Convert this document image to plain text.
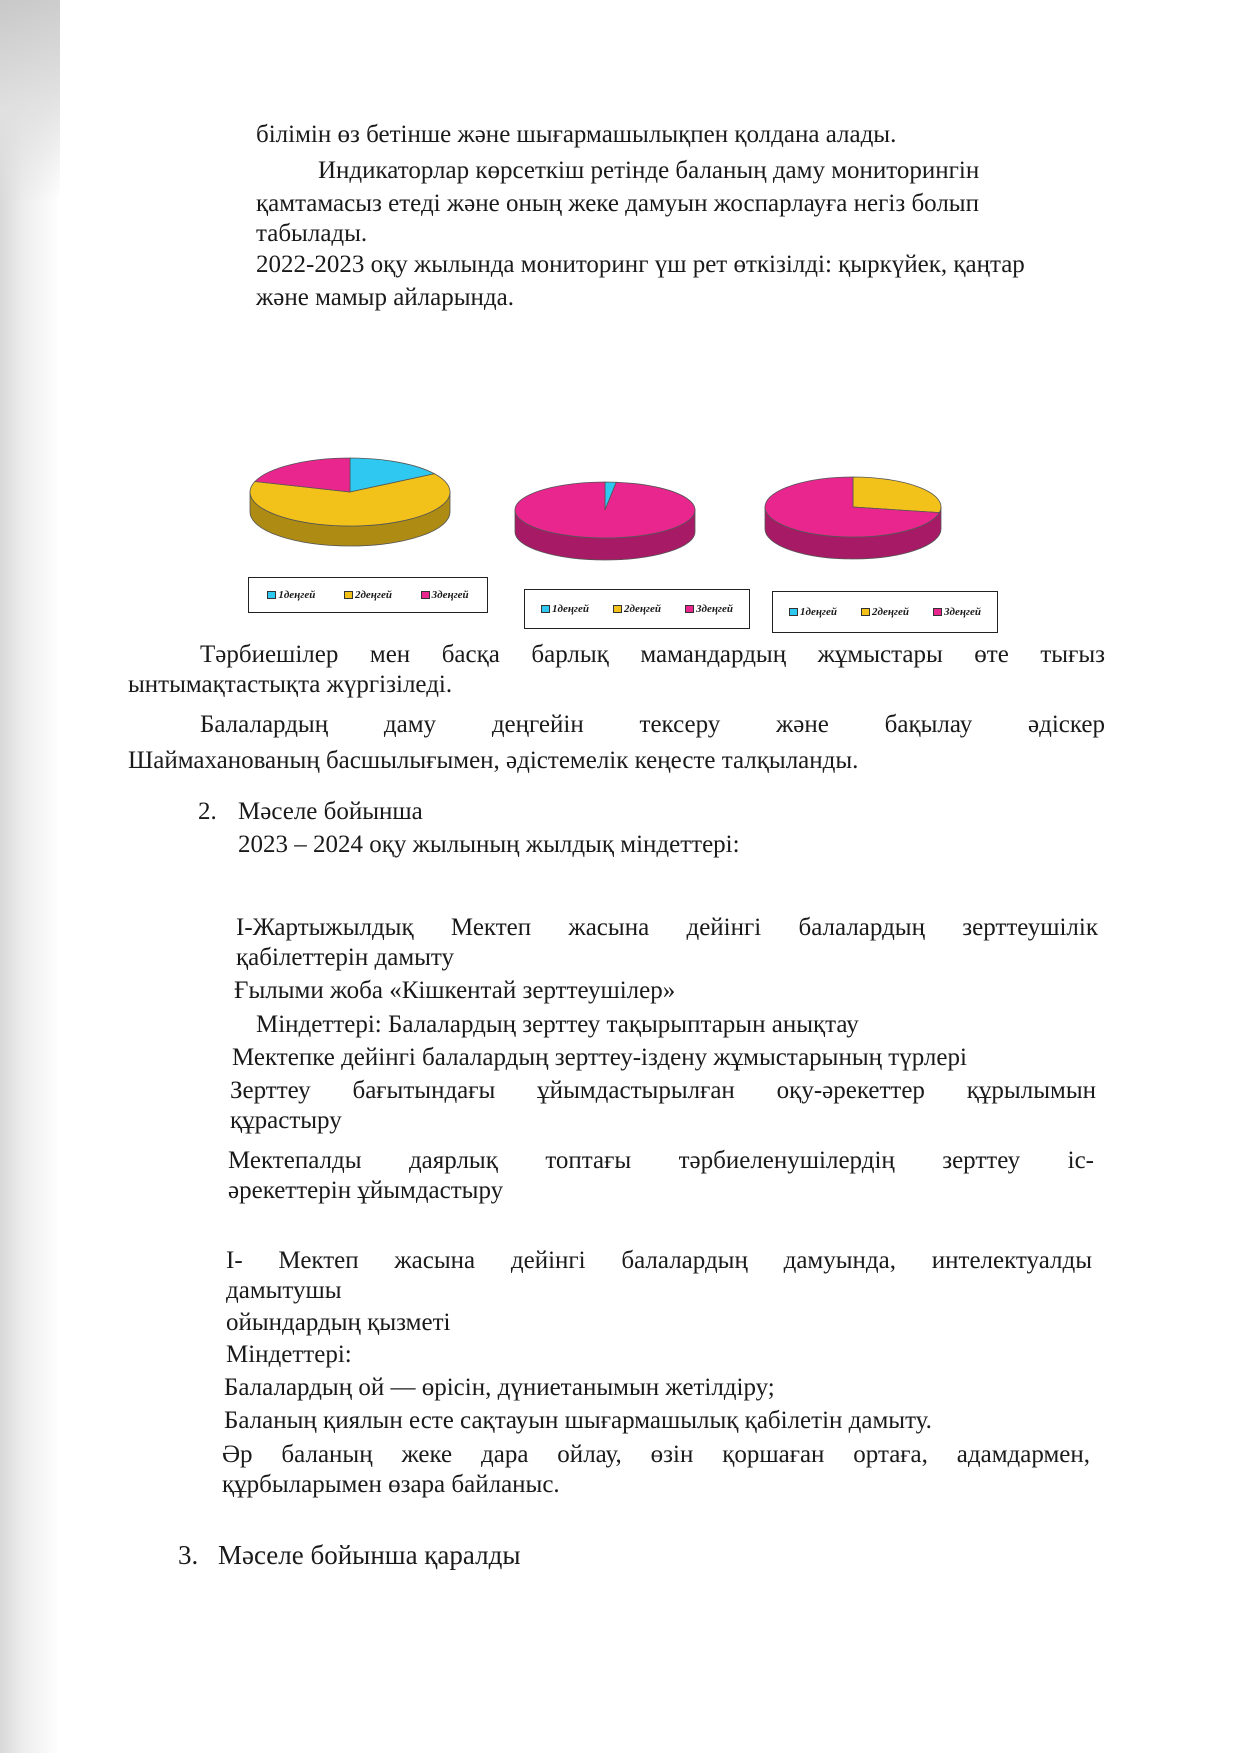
білімін өз бетінше және шығармашылықпен қолдана алады.
Индикаторлар көрсеткіш ретінде баланың даму мониторингін
қамтамасыз етеді және оның жеке дамуын жоспарлауға негіз болып
табылады.
2022-2023 оқу жылында мониторинг үш рет өткізілді: қыркүйек, қаңтар
және мамыр айларында.
1деңгей	2деңгей	3деңгей
1деңгей	2деңгей	3деңгей	1деңгей	2деңгей	3деңгей
Тәрбиешілер мен басқа барлық мамандардың жұмыстары өте тығыз
ынтымақтастықта жүргізіледі.
Балалардың даму деңгейін тексеру және бақылау әдіскер
Шаймаханованың басшылығымен, әдістемелік кеңесте талқыланды.
2. Мәселе бойынша
2023 – 2024 оқу жылының жылдық міндеттері:
І-Жартыжылдық Мектеп жасына дейінгі балалардың зерттеушілік
қабілеттерін дамыту
Ғылыми жоба «Кішкентай зерттеушілер»
Міндеттері: Балалардың зерттеу тақырыптарын анықтау
Мектепке дейінгі балалардың зерттеу-іздену жұмыстарының түрлері
Зерттеу бағытындағы ұйымдастырылған оқу-әрекеттер құрылымын
құрастыру
Мектепалды даярлық топтағы тәрбиеленушілердің зерттеу іс-
әрекеттерін ұйымдастыру
І- Мектеп жасына дейінгі балалардың дамуында, интелектуалды
дамытушы
ойындардың қызметі
Міндеттері:
Балалардың ой — өрісін, дүниетанымын жетілдіру;
Баланың қиялын есте сақтауын шығармашылық қабілетін дамыту.
Әр баланың жеке дара ойлау, өзін қоршаған ортаға, адамдармен,
құрбыларымен өзара байланыс.
3. Мәселе бойынша қаралды
